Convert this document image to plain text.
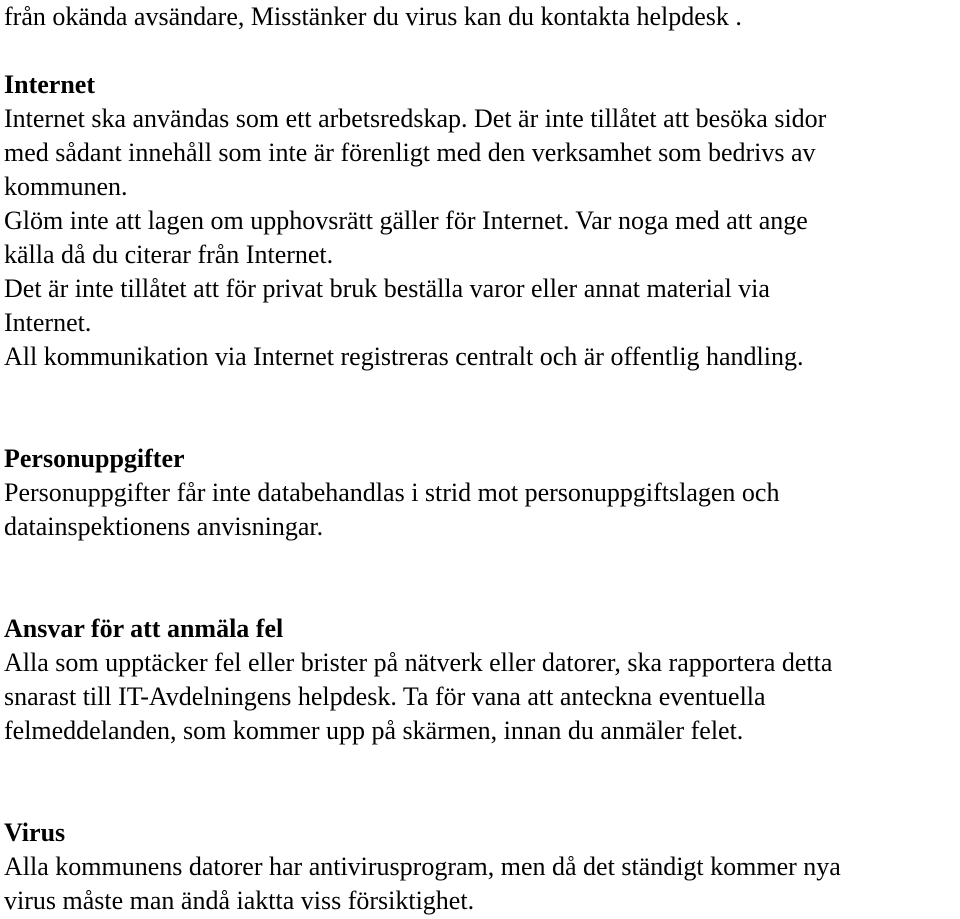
från okända avsändare, Misstänker du virus kan du kontakta helpdesk .
Internet
Internet ska användas som ett arbetsredskap. Det är inte tillåtet att besöka sidor
med sådant innehåll som inte är förenligt med den verksamhet som bedrivs av
kommunen.
Glöm inte att lagen om upphovsrätt gäller för Internet. Var noga med att ange
källa då du citerar från Internet.
Det är inte tillåtet att för privat bruk beställa varor eller annat material via
Internet.
All kommunikation via Internet registreras centralt och är offentlig handling.
Personuppgifter
Personuppgifter får inte databehandlas i strid mot personuppgiftslagen och
datainspektionens anvisningar.
Ansvar för att anmäla fel
Alla som upptäcker fel eller brister på nätverk eller datorer, ska rapportera detta
snarast till IT-Avdelningens helpdesk. Ta för vana att anteckna eventuella
felmeddelanden, som kommer upp på skärmen, innan du anmäler felet.
Virus
Alla kommunens datorer har antivirusprogram, men då det ständigt kommer nya
virus måste man ändå iaktta viss försiktighet.
